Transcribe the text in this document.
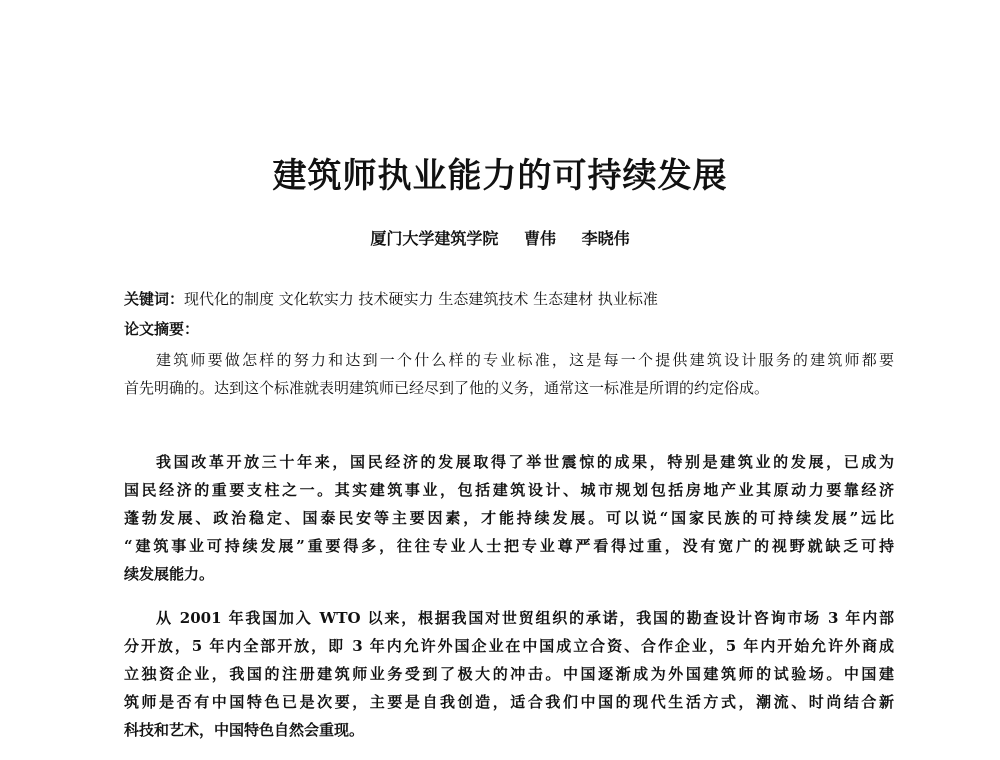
建筑师执业能力的可持续发展
厦门大学建筑学院 曹伟 李晓伟
关键词：现代化的制度 文化软实力 技术硬实力 生态建筑技术 生态建材 执业标准
论文摘要：
建筑师要做怎样的努力和达到一个什么样的专业标准，这是每一个提供建筑设计服务的建筑师都要
首先明确的。达到这个标准就表明建筑师已经尽到了他的义务，通常这一标准是所谓的约定俗成。
我国改革开放三十年来，国民经济的发展取得了举世震惊的成果，特别是建筑业的发展，已成为
国民经济的重要支柱之一。其实建筑事业，包括建筑设计、城市规划包括房地产业其原动力要靠经济
蓬勃发展、政治稳定、国泰民安等主要因素，才能持续发展。可以说“国家民族的可持续发展”远比
“建筑事业可持续发展”重要得多，往往专业人士把专业尊严看得过重，没有宽广的视野就缺乏可持
续发展能力。
从 2001 年我国加入 WTO 以来，根据我国对世贸组织的承诺，我国的勘查设计咨询市场 3 年内部
分开放，5 年内全部开放，即 3 年内允许外国企业在中国成立合资、合作企业，5 年内开始允许外商成
立独资企业，我国的注册建筑师业务受到了极大的冲击。中国逐渐成为外国建筑师的试验场。中国建
筑师是否有中国特色已是次要，主要是自我创造，适合我们中国的现代生活方式，潮流、时尚结合新
科技和艺术，中国特色自然会重现。
